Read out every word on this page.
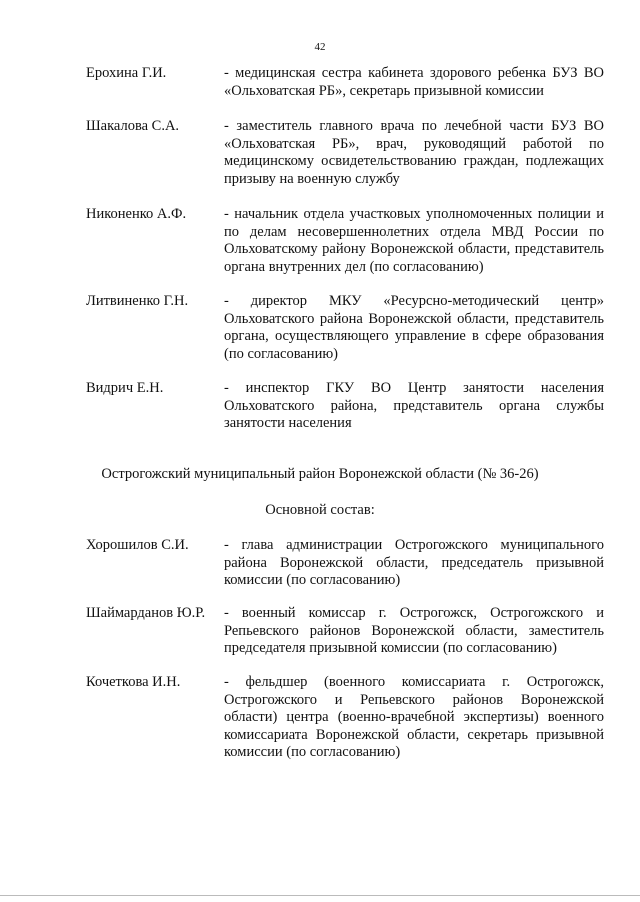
42
Ерохина Г.И.	- медицинская сестра кабинета здорового ребенка БУЗ ВО «Ольховатская РБ», секретарь призывной комиссии
Шакалова С.А.	- заместитель главного врача по лечебной части БУЗ ВО «Ольховатская РБ», врач, руководящий работой по медицинскому освидетельствованию граждан, подлежащих призыву на военную службу
Никоненко А.Ф.	- начальник отдела участковых уполномоченных полиции и по делам несовершеннолетних отдела МВД России по Ольховатскому району Воронежской области, представитель органа внутренних дел (по согласованию)
Литвиненко Г.Н. - директор МКУ «Ресурсно-методический центр» Ольховатского района Воронежской области, представитель органа, осуществляющего управление в сфере образования (по согласованию)
Видрич Е.Н.	- инспектор ГКУ ВО Центр занятости населения Ольховатского района, представитель органа службы занятости населения
Острогожский муниципальный район Воронежской области (№ 36-26)
Основной состав:
Хорошилов С.И. - глава администрации Острогожского муниципального района Воронежской области, председатель призывной комиссии (по согласованию)
Шаймарданов Ю.Р. - военный комиссар г. Острогожск, Острогожского и Репьевского районов Воронежской области, заместитель председателя призывной комиссии (по согласованию)
Кочеткова И.Н.	- фельдшер (военного комиссариата г. Острогожск, Острогожского и Репьевского районов Воронежской области) центра (военно-врачебной экспертизы) военного комиссариата Воронежской области, секретарь призывной комиссии (по согласованию)
